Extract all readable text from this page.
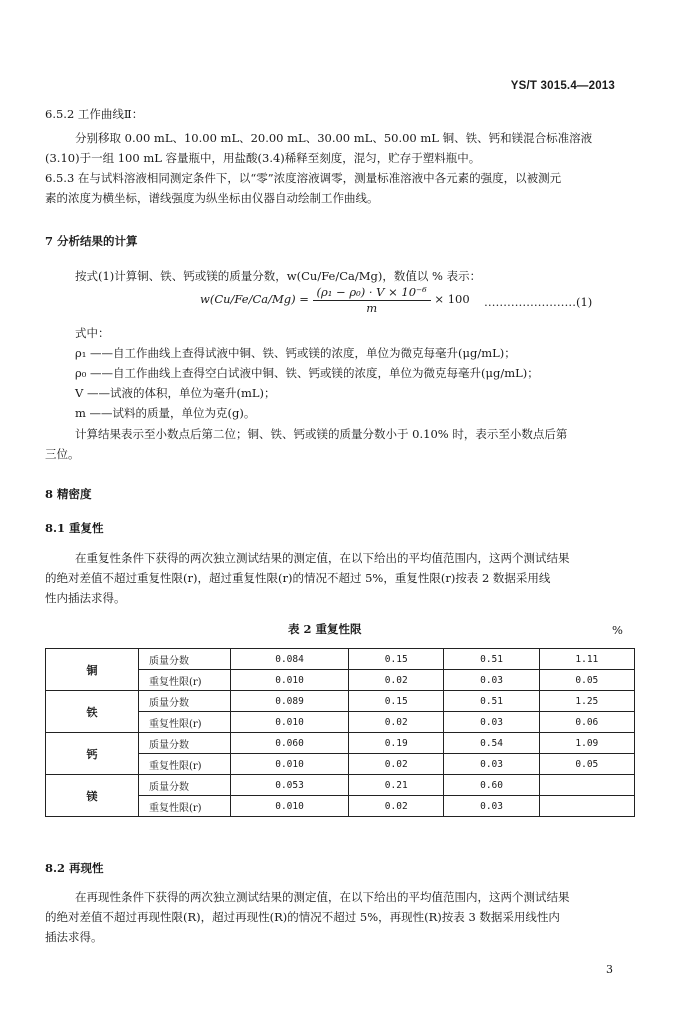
YS/T 3015.4—2013
6.5.2 工作曲线Ⅱ：
分别移取 0.00 mL、10.00 mL、20.00 mL、30.00 mL、50.00 mL 铜、铁、钙和镁混合标准溶液
(3.10)于一组 100 mL 容量瓶中，用盐酸(3.4)稀释至刻度，混匀，贮存于塑料瓶中。
6.5.3 在与试料溶液相同测定条件下，以“零”浓度溶液调零，测量标准溶液中各元素的强度，以被测元
素的浓度为横坐标，谱线强度为纵坐标由仪器自动绘制工作曲线。
7 分析结果的计算
按式(1)计算铜、铁、钙或镁的质量分数，w(Cu/Fe/Ca/Mg)，数值以 % 表示：
$w(Cu/Fe/Ca/Mg) = \frac{\text{(ρ₁ − ρ₀) · V × 10⁻⁶}}{m} \times 100$ ……………………(1)
式中：
ρ₁ ——自工作曲线上查得试液中铜、铁、钙或镁的浓度，单位为微克每毫升(μg/mL)；
ρ₀ ——自工作曲线上查得空白试液中铜、铁、钙或镁的浓度，单位为微克每毫升(μg/mL)；
V ——试液的体积，单位为毫升(mL)；
m ——试料的质量，单位为克(g)。
计算结果表示至小数点后第二位；铜、铁、钙或镁的质量分数小于 0.10% 时，表示至小数点后第
三位。
8 精密度
8.1 重复性
在重复性条件下获得的两次独立测试结果的测定值，在以下给出的平均值范围内，这两个测试结果
的绝对差值不超过重复性限(r)，超过重复性限(r)的情况不超过 5%，重复性限(r)按表 2 数据采用线
性内插法求得。
表 2 重复性限	%
铜	质量分数	0.084	0.15	0.51	1.11
	重复性限(r)	0.010	0.02	0.03	0.05
铁	质量分数	0.089	0.15	0.51	1.25
	重复性限(r)	0.010	0.02	0.03	0.06
钙	质量分数	0.060	0.19	0.54	1.09
	重复性限(r)	0.010	0.02	0.03	0.05
镁	质量分数	0.053	0.21	0.60	
	重复性限(r)	0.010	0.02	0.03	
8.2 再现性
在再现性条件下获得的两次独立测试结果的测定值，在以下给出的平均值范围内，这两个测试结果
的绝对差值不超过再现性限(R)，超过再现性(R)的情况不超过 5%，再现性(R)按表 3 数据采用线性内
插法求得。
3
